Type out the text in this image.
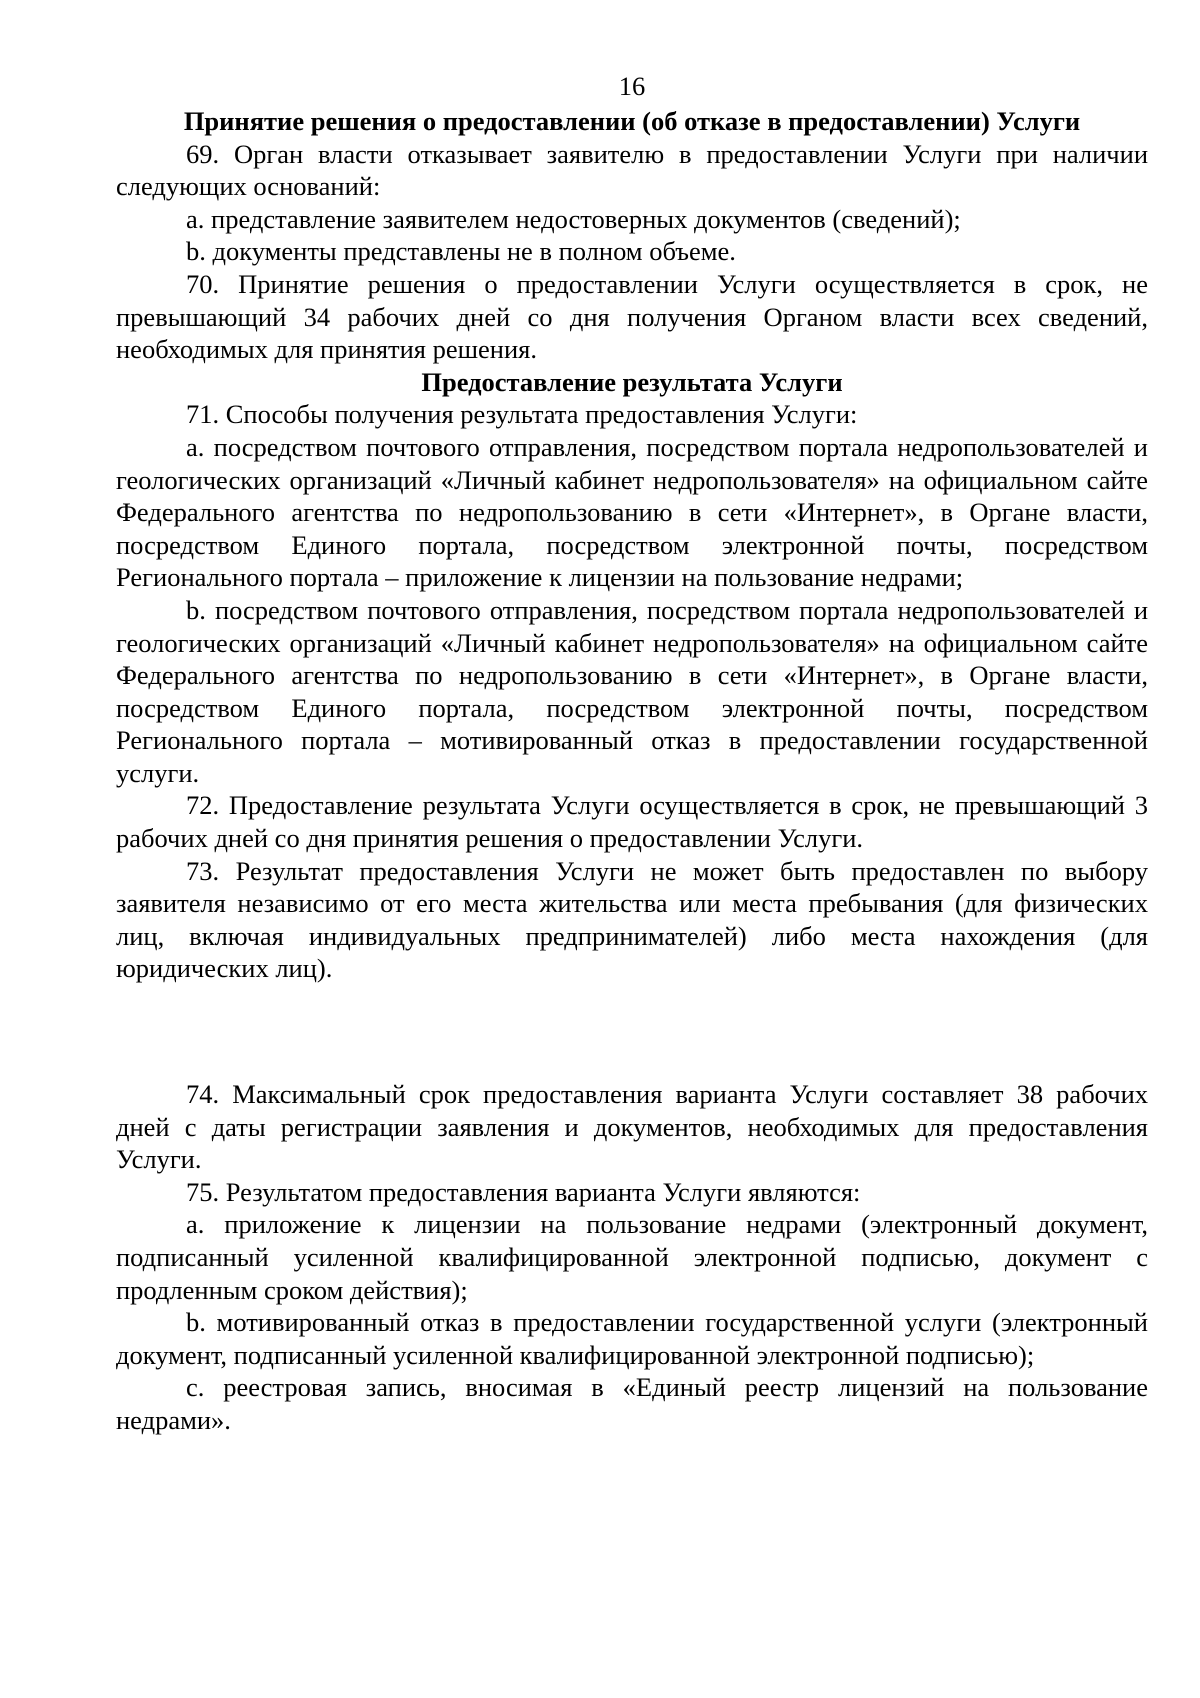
16
Принятие решения о предоставлении (об отказе в предоставлении) Услуги

69. Орган власти отказывает заявителю в предоставлении Услуги при наличии следующих оснований:

a. представление заявителем недостоверных документов (сведений);

b. документы представлены не в полном объеме.

70. Принятие решения о предоставлении Услуги осуществляется в срок, не превышающий 34 рабочих дней со дня получения Органом власти всех сведений, необходимых для принятия решения.

Предоставление результата Услуги

71. Способы получения результата предоставления Услуги:

a. посредством почтового отправления, посредством портала недропользователей и геологических организаций «Личный кабинет недропользователя» на официальном сайте Федерального агентства по недропользованию в сети «Интернет», в Органе власти, посредством Единого портала, посредством электронной почты, посредством Регионального портала – приложение к лицензии на пользование недрами;

b. посредством почтового отправления, посредством портала недропользователей и геологических организаций «Личный кабинет недропользователя» на официальном сайте Федерального агентства по недропользованию в сети «Интернет», в Органе власти, посредством Единого портала, посредством электронной почты, посредством Регионального портала – мотивированный отказ в предоставлении государственной услуги.

72. Предоставление результата Услуги осуществляется в срок, не превышающий 3 рабочих дней со дня принятия решения о предоставлении Услуги.

73. Результат предоставления Услуги не может быть предоставлен по выбору заявителя независимо от его места жительства или места пребывания (для физических лиц, включая индивидуальных предпринимателей) либо места нахождения (для юридических лиц).

74. Максимальный срок предоставления варианта Услуги составляет 38 рабочих дней с даты регистрации заявления и документов, необходимых для предоставления Услуги.

75. Результатом предоставления варианта Услуги являются:

a. приложение к лицензии на пользование недрами (электронный документ, подписанный усиленной квалифицированной электронной подписью, документ с продленным сроком действия);

b. мотивированный отказ в предоставлении государственной услуги (электронный документ, подписанный усиленной квалифицированной электронной подписью);

c. реестровая запись, вносимая в «Единый реестр лицензий на пользование недрами».
